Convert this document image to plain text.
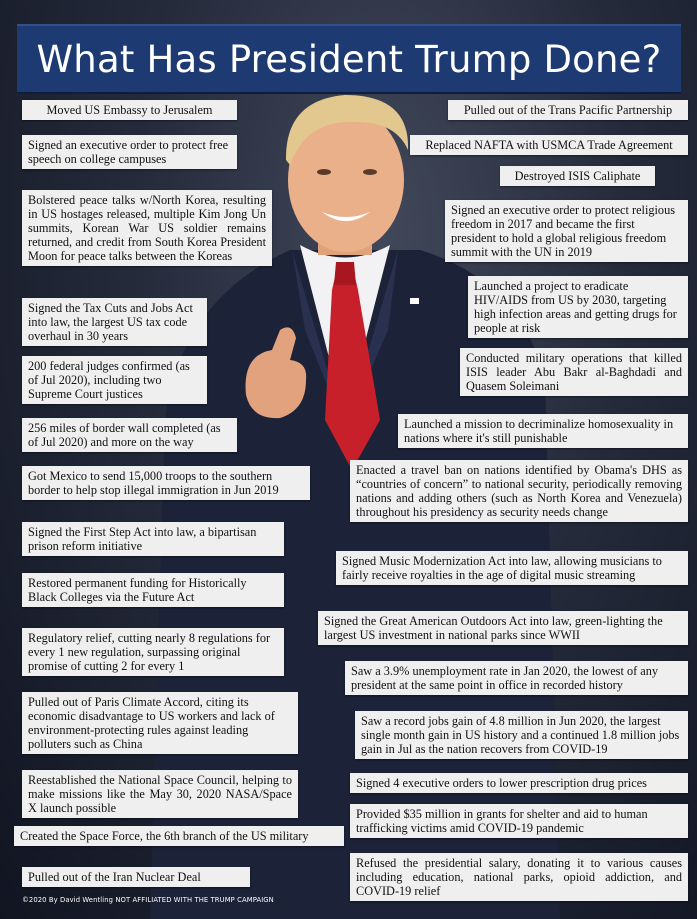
What Has President Trump Done?
Moved US Embassy to Jerusalem
Signed an executive order to protect free speech on college campuses
Bolstered peace talks w/North Korea, resulting in US hostages released, multiple Kim Jong Un summits, Korean War US soldier remains returned, and credit from South Korea President Moon for peace talks between the Koreas
Signed the Tax Cuts and Jobs Act into law, the largest US tax code overhaul in 30 years
200 federal judges confirmed (as of Jul 2020), including two Supreme Court justices
256 miles of border wall completed (as of Jul 2020) and more on the way
Got Mexico to send 15,000 troops to the southern border to help stop illegal immigration in Jun 2019
Signed the First Step Act into law, a bipartisan prison reform initiative
Restored permanent funding for Historically Black Colleges via the Future Act
Regulatory relief, cutting nearly 8 regulations for every 1 new regulation, surpassing original promise of cutting 2 for every 1
Pulled out of Paris Climate Accord, citing its economic disadvantage to US workers and lack of environment-protecting rules against leading polluters such as China
Reestablished the National Space Council, helping to make missions like the May 30, 2020 NASA/Space X launch possible
Created the Space Force, the 6th branch of the US military
Pulled out of the Iran Nuclear Deal
Pulled out of the Trans Pacific Partnership
Replaced NAFTA with USMCA Trade Agreement
Destroyed ISIS Caliphate
Signed an executive order to protect religious freedom in 2017 and became the first president to hold a global religious freedom summit with the UN in 2019
Launched a project to eradicate HIV/AIDS from US by 2030, targeting high infection areas and getting drugs for people at risk
Conducted military operations that killed ISIS leader Abu Bakr al-Baghdadi and Quasem Soleimani
Launched a mission to decriminalize homosexuality in nations where it's still punishable
Enacted a travel ban on nations identified by Obama's DHS as “countries of concern” to national security, periodically removing nations and adding others (such as North Korea and Venezuela) throughout his presidency as security needs change
Signed Music Modernization Act into law, allowing musicians to fairly receive royalties in the age of digital music streaming
Signed the Great American Outdoors Act into law, green-lighting the largest US investment in national parks since WWII
Saw a 3.9% unemployment rate in Jan 2020, the lowest of any president at the same point in office in recorded history
Saw a record jobs gain of 4.8 million in Jun 2020, the largest single month gain in US history and a continued 1.8 million jobs gain in Jul as the nation recovers from COVID-19
Signed 4 executive orders to lower prescription drug prices
Provided $35 million in grants for shelter and aid to human trafficking victims amid COVID-19 pandemic
Refused the presidential salary, donating it to various causes including education, national parks, opioid addiction, and COVID-19 relief
©2020 By David Wentling NOT AFFILIATED WITH THE TRUMP CAMPAIGN
